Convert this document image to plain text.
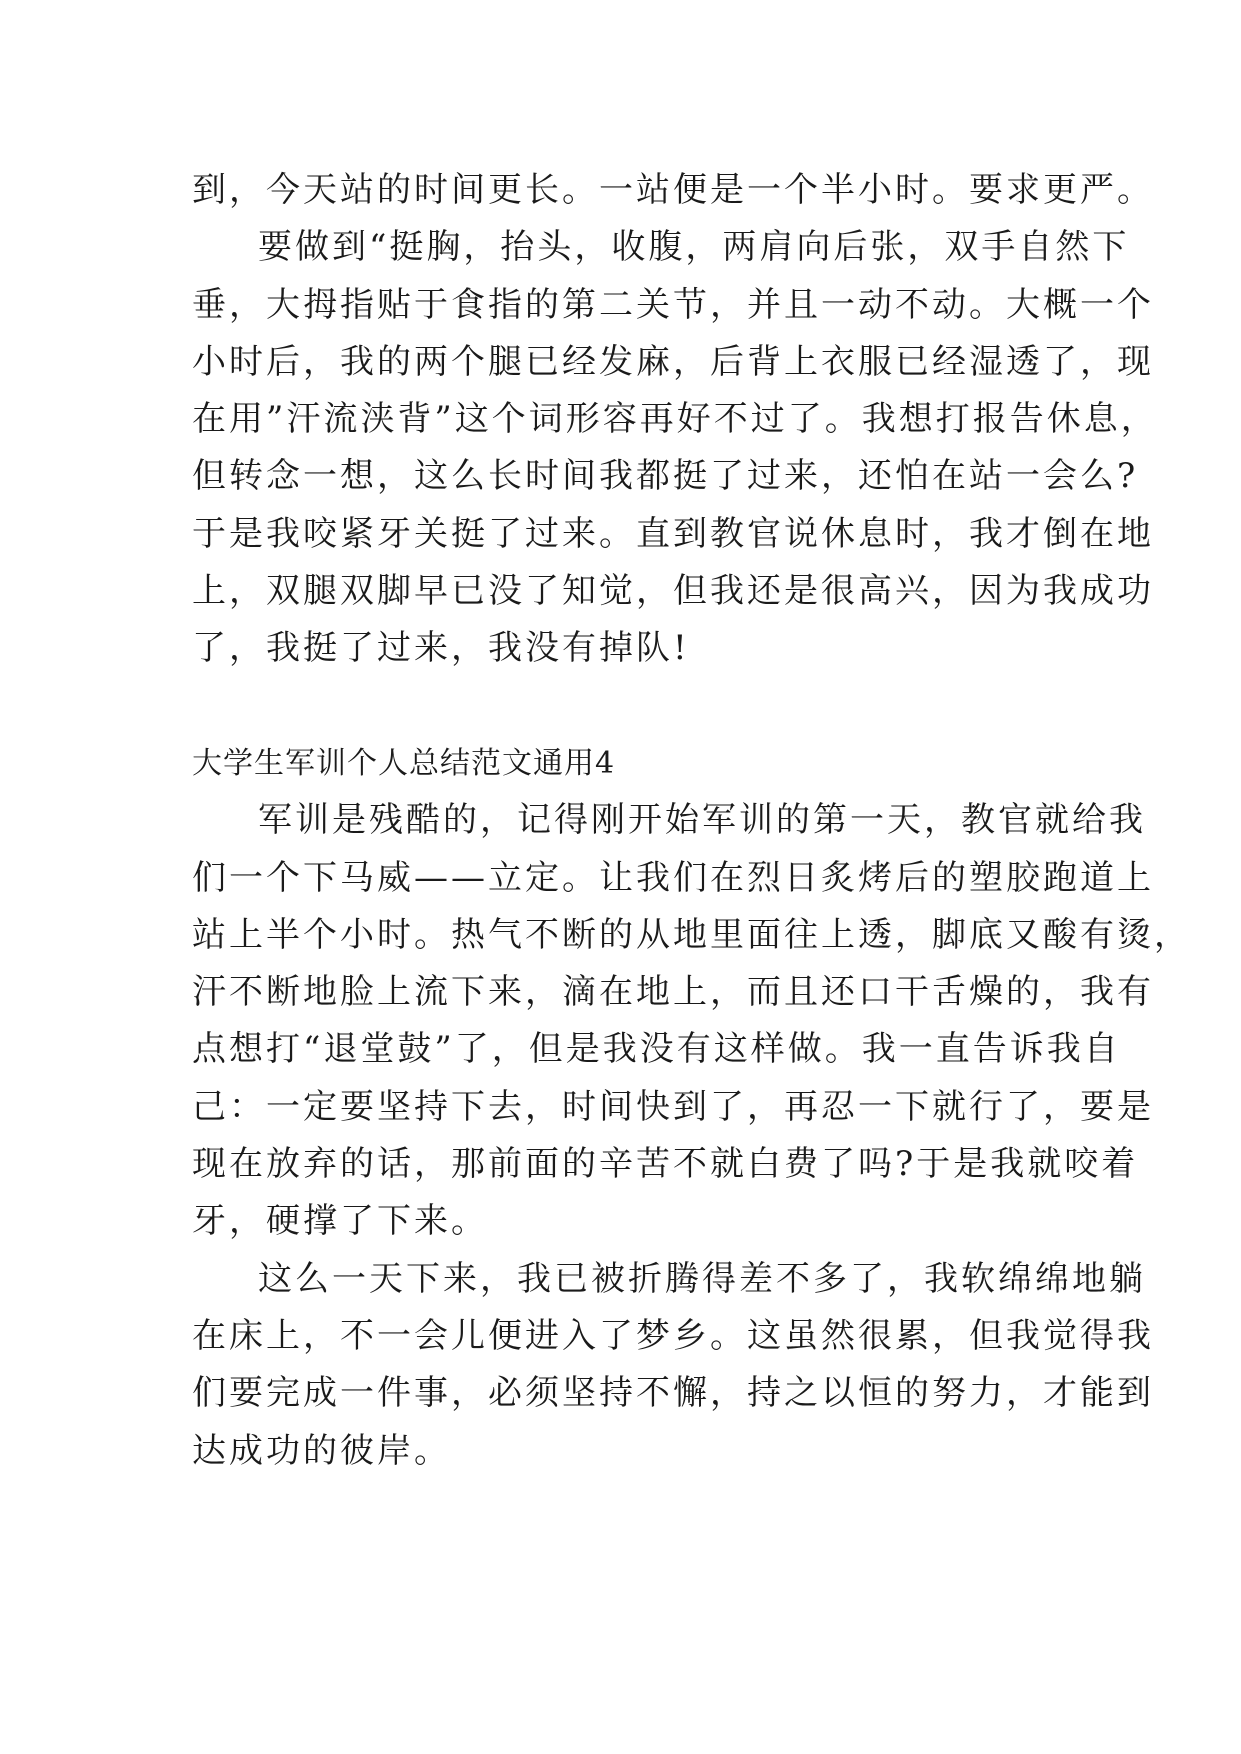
到，今天站的时间更长。一站便是一个半小时。要求更严。
要做到“挺胸，抬头，收腹，两肩向后张，双手自然下
垂，大拇指贴于食指的第二关节，并且一动不动。大概一个
小时后，我的两个腿已经发麻，后背上衣服已经湿透了，现
在用”汗流浃背”这个词形容再好不过了。我想打报告休息，
但转念一想，这么长时间我都挺了过来，还怕在站一会么?
于是我咬紧牙关挺了过来。直到教官说休息时，我才倒在地
上，双腿双脚早已没了知觉，但我还是很高兴，因为我成功
了，我挺了过来，我没有掉队!
大学生军训个人总结范文通用4
军训是残酷的，记得刚开始军训的第一天，教官就给我
们一个下马威——立定。让我们在烈日炙烤后的塑胶跑道上
站上半个小时。热气不断的从地里面往上透，脚底又酸有烫，
汗不断地脸上流下来，滴在地上，而且还口干舌燥的，我有
点想打“退堂鼓”了，但是我没有这样做。我一直告诉我自
己：一定要坚持下去，时间快到了，再忍一下就行了，要是
现在放弃的话，那前面的辛苦不就白费了吗?于是我就咬着
牙，硬撑了下来。
这么一天下来，我已被折腾得差不多了，我软绵绵地躺
在床上，不一会儿便进入了梦乡。这虽然很累，但我觉得我
们要完成一件事，必须坚持不懈，持之以恒的努力，才能到
达成功的彼岸。
